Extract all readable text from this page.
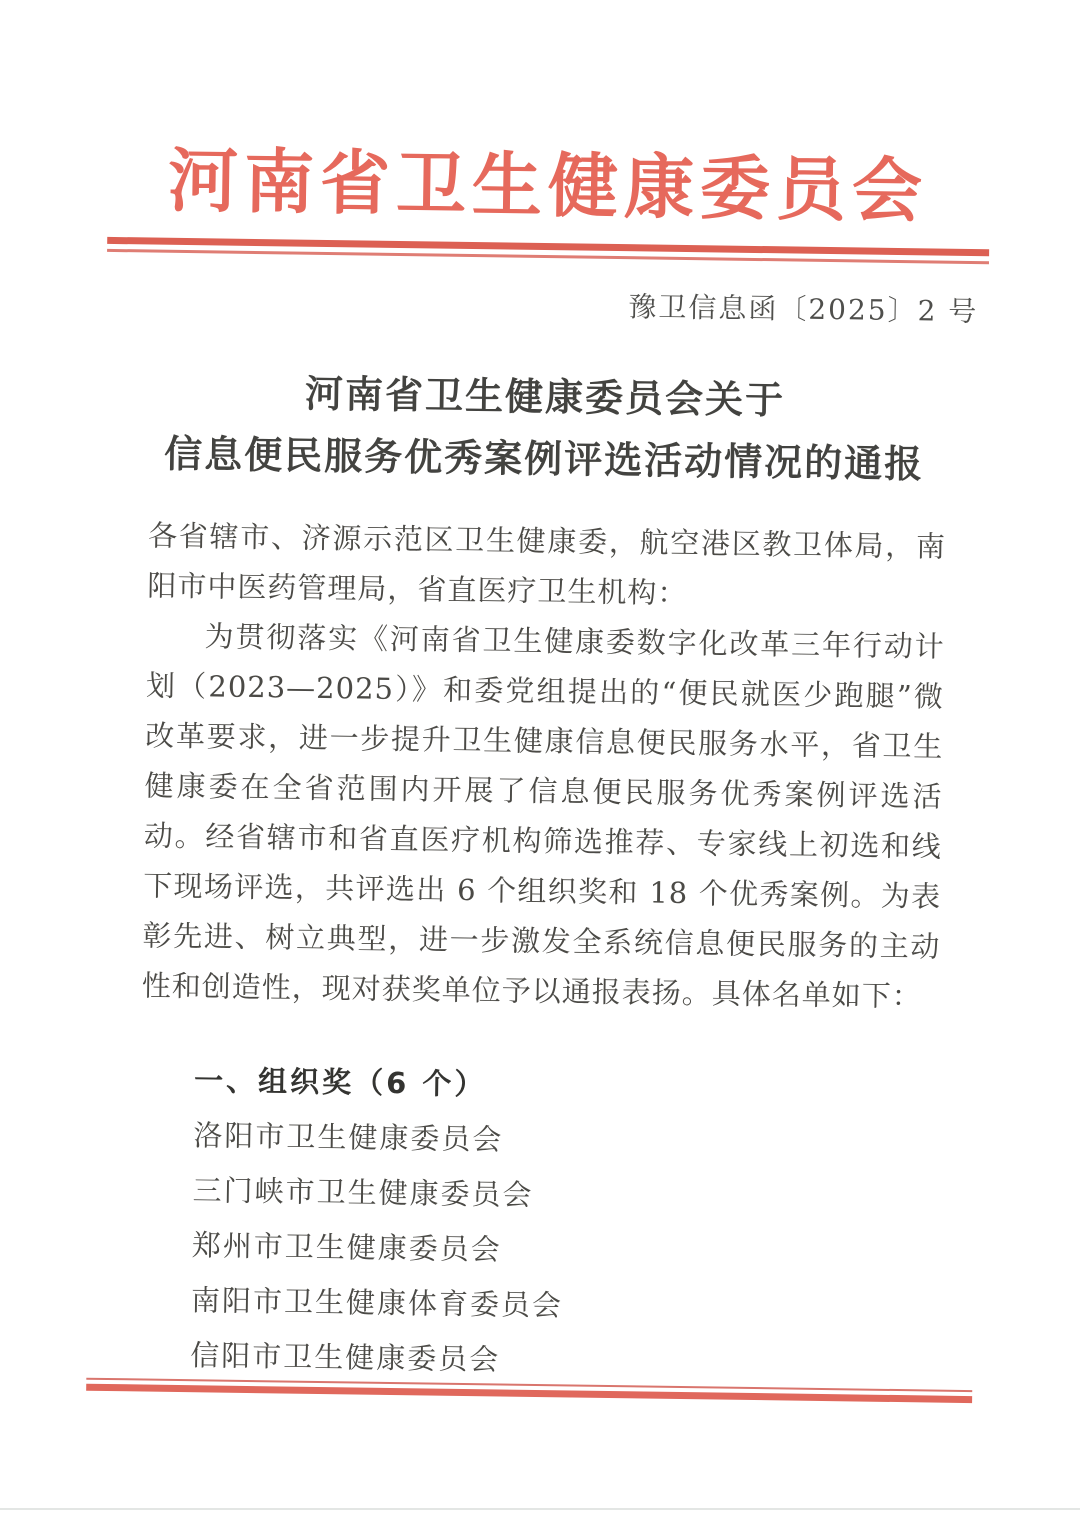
河南省卫生健康委员会
豫卫信息函〔2025〕2 号
河南省卫生健康委员会关于
信息便民服务优秀案例评选活动情况的通报

各省辖市、济源示范区卫生健康委，航空港区教卫体局，南阳市中医药管理局，省直医疗卫生机构：

为贯彻落实《河南省卫生健康委数字化改革三年行动计划（2023—2025）》和委党组提出的“便民就医少跑腿”微改革要求，进一步提升卫生健康信息便民服务水平，省卫生健康委在全省范围内开展了信息便民服务优秀案例评选活动。经省辖市和省直医疗机构筛选推荐、专家线上初选和线下现场评选，共评选出 6 个组织奖和 18 个优秀案例。为表彰先进、树立典型，进一步激发全系统信息便民服务的主动性和创造性，现对获奖单位予以通报表扬。具体名单如下：

一、组织奖（6 个）

洛阳市卫生健康委员会

三门峡市卫生健康委员会

郑州市卫生健康委员会

南阳市卫生健康体育委员会

信阳市卫生健康委员会
